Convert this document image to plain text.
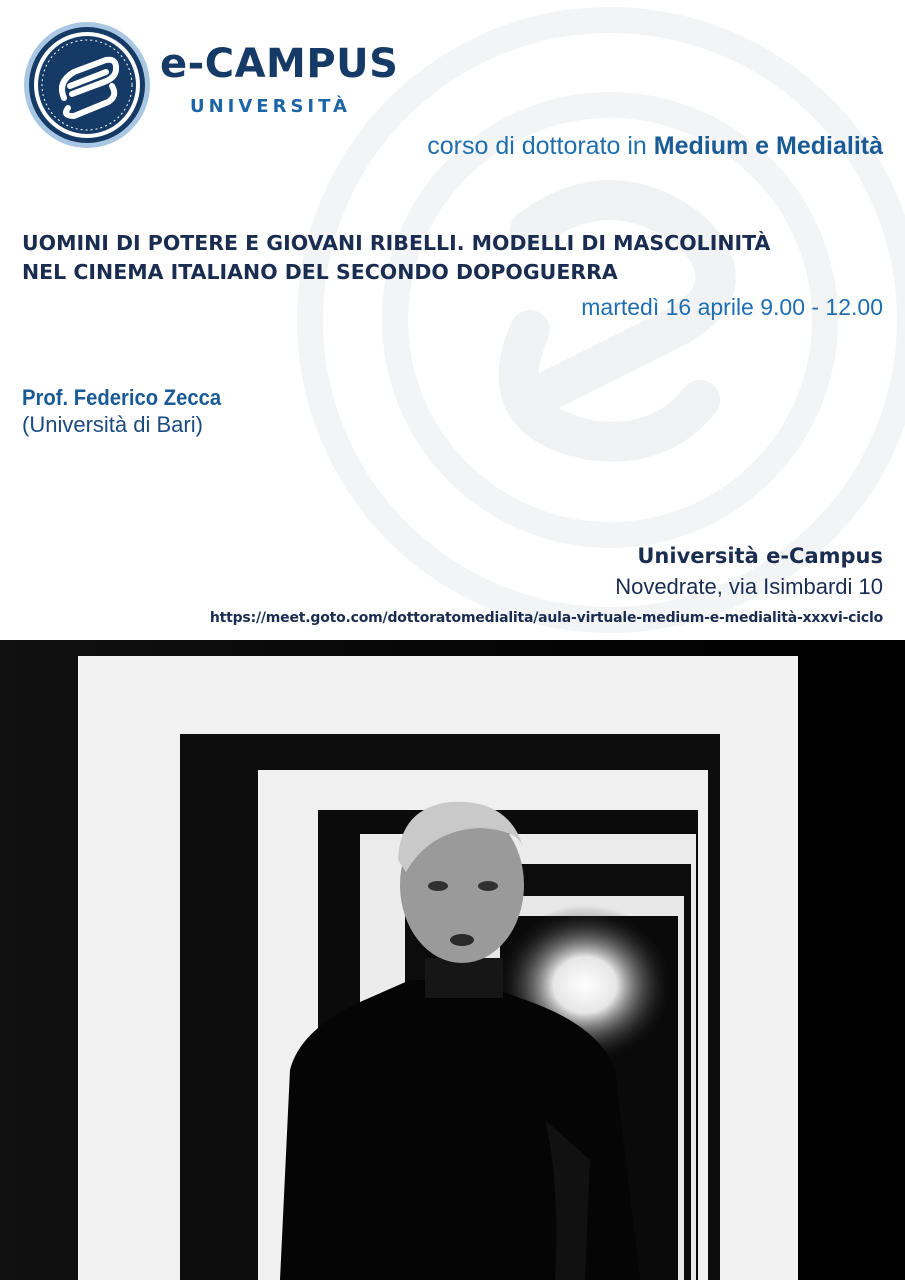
e-CAMPUS
UNIVERSITÀ
corso di dottorato in Medium e Medialità
UOMINI DI POTERE E GIOVANI RIBELLI. MODELLI DI MASCOLINITÀ
NEL CINEMA ITALIANO DEL SECONDO DOPOGUERRA
martedì 16 aprile 9.00 - 12.00
Prof. Federico Zecca
(Università di Bari)
Università e-Campus
Novedrate, via Isimbardi 10
https://meet.goto.com/dottoratomedialita/aula-virtuale-medium-e-medialità-xxxvi-ciclo
